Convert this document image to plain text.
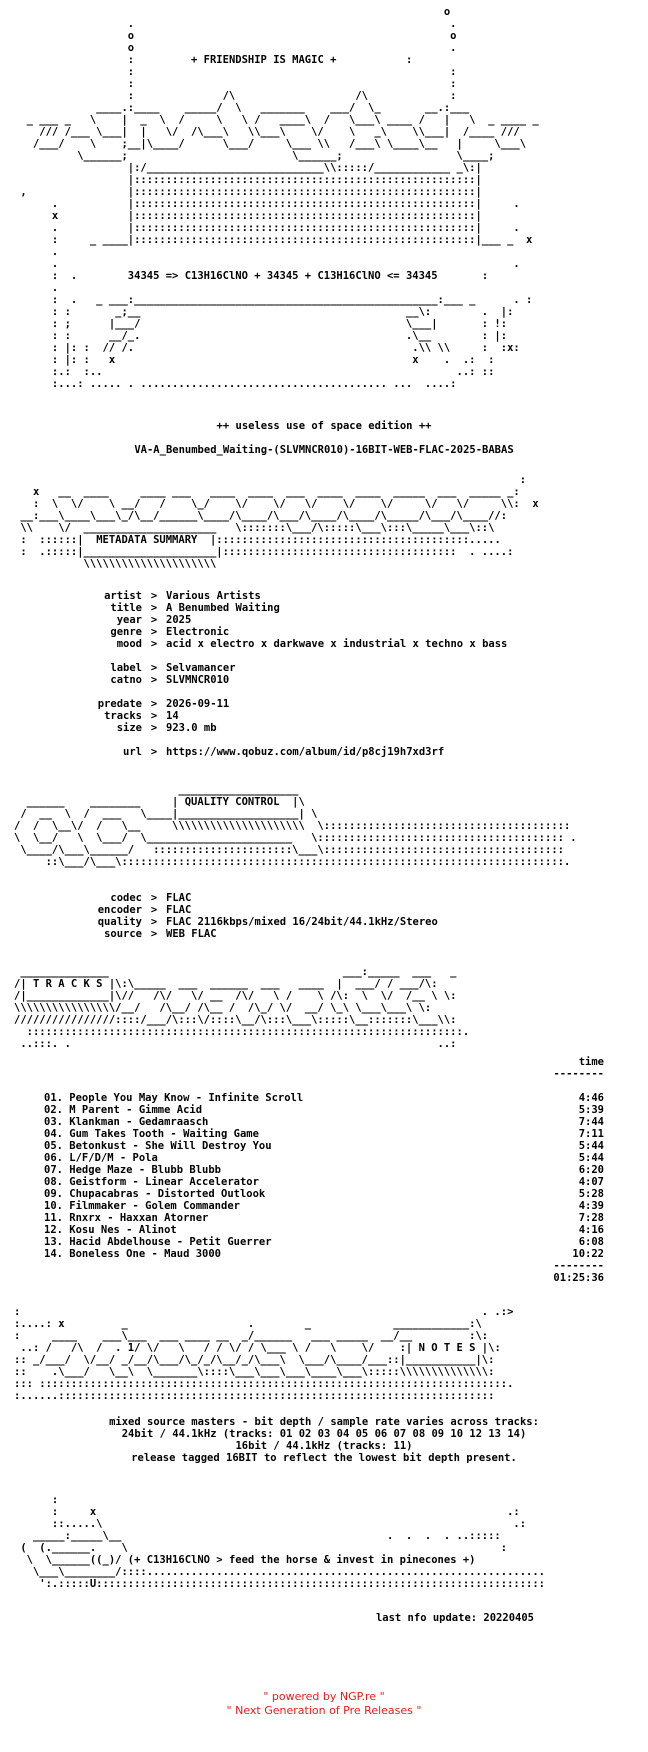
o
.                                                  .
o                                                  o
o                                                  .
:	+ FRIENDSHIP IS MAGIC +	:
:                                                  :
:                                                  :
:              /\                   /\             :
____.:____    _____/  \   _______    ___/  \_       __.:___
_ ___ _   \    |  _  \  /     \   \ /   ____\  /   \___\ ____ /   |   \  _ ____ _
/// /___ \___|  |   \/  /\___\   \\___\    \/    \   _\    \\___|  /____ ///
/___/    \    ;__|\____/      \___/     \___ \\   /___\ \____\__   |     \___\
\______;                          \______;                  \____;
|:/____________________________\\:::::/____________ _\:|
|::::::::::::::::::::::::::::::::::::::::::::::::::::::|
,                |::::::::::::::::::::::::::::::::::::::::::::::::::::::|
.           |::::::::::::::::::::::::::::::::::::::::::::::::::::::|     .
x           |::::::::::::::::::::::::::::::::::::::::::::::::::::::|
.           |::::::::::::::::::::::::::::::::::::::::::::::::::::::|     .
:     _ ____|::::::::::::::::::::::::::::::::::::::::::::::::::::::|___ _  x
.
.                                                                        .
:  .	34345 => C13H16ClNO + 34345 + C13H16ClNO <= 34345	:
.
:  .   _ ___:________________________________________________:___ _      . :
: :       _;__                                          __\:        .  |:
: ;      |___/                                          \___|       : !:
: :      __/_.                                          .\__        : |:
: |: :  // /.                                            .\\ \\     :  :x:
: |: :   x                                               x    .  .:  :
:.:  :..                                                        ..: ::
:...: ..... . ....................................... ...  ....:
++ useless use of space edition ++
VA-A_Benumbed_Waiting-(SLVMNCR010)-16BIT-WEB-FLAC-2025-BABAS
:
x   __  ____     ____ ___   ____  ____  ___  ____  ____  _____  ___  _____ _:
:  \  \/    \ __/   /    \_/    \/    \/   \/    \/    \/     \/   \/     \\:  x
__:___\____\___\_/\__/______\____/\____/\___/\____/\____/\_____/\___/\____//:
\\    \/  _____________________   \:::::::\___/\:::::\___\:::\_____\___\::\
:  ::::::|  METADATA SUMMARY  |::::::::::::::::::::::::::::::::::::::::.....
:  .:::::|_____________________|:::::::::::::::::::::::::::::::::::::  . ....:
\\\\\\\\\\\\\\\\\\\\\
artist > Various Artists
title > A Benumbed Waiting
year > 2025
genre > Electronic
mood > acid x electro x darkwave x industrial x techno x bass
label > Selvamancer
catno > SLVMNCR010
predate > 2026-09-11
tracks > 14
size > 923.0 mb
url > https://www.qobuz.com/album/id/p8cj19h7xd3rf
___________________
______    ________     | QUALITY CONTROL  |\
/  __  \  /  ___   \____|___________________| \
/  /  \__\/  /   \__     \\\\\\\\\\\\\\\\\\\\\  \:::::::::::::::::::::::::::::::::::::::
\  \__/   \  \___/  \_______________________   \::::::::::::::::::::::::::::::::::::::: .
\____/\___\______/   ::::::::::::::::::::::\___\::::::::::::::::::::::::::::::::::::::
::\___/\___\::::::::::::::::::::::::::::::::::::::::::::::::::::::::::::::::::::::.
codec > FLAC
encoder > FLAC
quality > FLAC 2116kbps/mixed 16/24bit/44.1kHz/Stereo
source > WEB FLAC
______________                                     ___:_____  ___   _
/| T R A C K S |\:\_____  ___  ______  ___   ____  |  ___/ / ___/\:
/|_____________|\//   /\/   \/ __  /\/   \ /    \ /\:  \  \/  /__ \ \:
\\\\\\\\\\\\\\\\/__/   /\__/ /\__ /  /\_/ \/  __/ \_\ \___\___\ \:
////////////////::::/___/\:::\/::::\__/\:::\___\:::::\__:::::::\___\\:
:::::::::::::::::::::::::::::::::::::::::::::::::::::::::::::::::::::.
..:::. .                                                          ..:
time
--------
01. People You May Know - Infinite Scroll	4:46
02. M Parent - Gimme Acid	5:39
03. Klankman - Gedamraasch	7:44
04. Gum Takes Tooth - Waiting Game	7:11
05. Betonkust - She Will Destroy You	5:44
06. L/F/D/M - Pola	5:44
07. Hedge Maze - Blubb Blubb	6:20
08. Geistform - Linear Accelerator	4:07
09. Chupacabras - Distorted Outlook	5:28
10. Filmmaker - Golem Commander	4:39
11. Rnxrx - Haxxan Atorner	7:28
12. Kosu Nes - Alinot	4:16
13. Hacid Abdelhouse - Petit Guerrer	6:08
14. Boneless One - Maud 3000	10:22
--------
01:25:36
:                                                                         . .:>
:....: x         _                   .        _             ____________:\
:     ____    ___\___  ___ ____ __  _/______   ___ _____  __/__         :\:
..: /   /\  /  . 1/ \/   \   / / \/ / \___ \ /   \    \/    :| N O T E S |\:
:: _/___/  \/__/ _/__/\___/\_/_/\__/_/\___\  \___/\____/___::|___________|\:
::    .\___/   \__\  \_______\::::\___\___\___\____\___\:::::\\\\\\\\\\\\\\:
::: ::::::::::::::::::::::::::::::::::::::::::::::::::::::::::::::::::::::::::.
:......:::::::::::::::::::::::::::::::::::::::::::::::::::::::::::::::::::::
mixed source masters - bit depth / sample rate varies across tracks:
24bit / 44.1kHz (tracks: 01 02 03 04 05 06 07 08 09 10 12 13 14)
16bit / 44.1kHz (tracks: 11)
release tagged 16BIT to reflect the lowest bit depth present.
:
:     x                                                                 .:
::.....\                                                                 .:
_____:_____\__                                          .  .  .  . ..:::::
(  (.______.    \                                                           :
\  \______((_)/ (+ C13H16ClNO > feed the horse & invest in pinecones +)
\___\________/::::...............................................................
':.:::::U:::::::::::::::::::::::::::::::::::::::::::::::::::::::::::::::::::::::
last nfo update: 20220405
" powered by NGP.re "
" Next Generation of Pre Releases "
